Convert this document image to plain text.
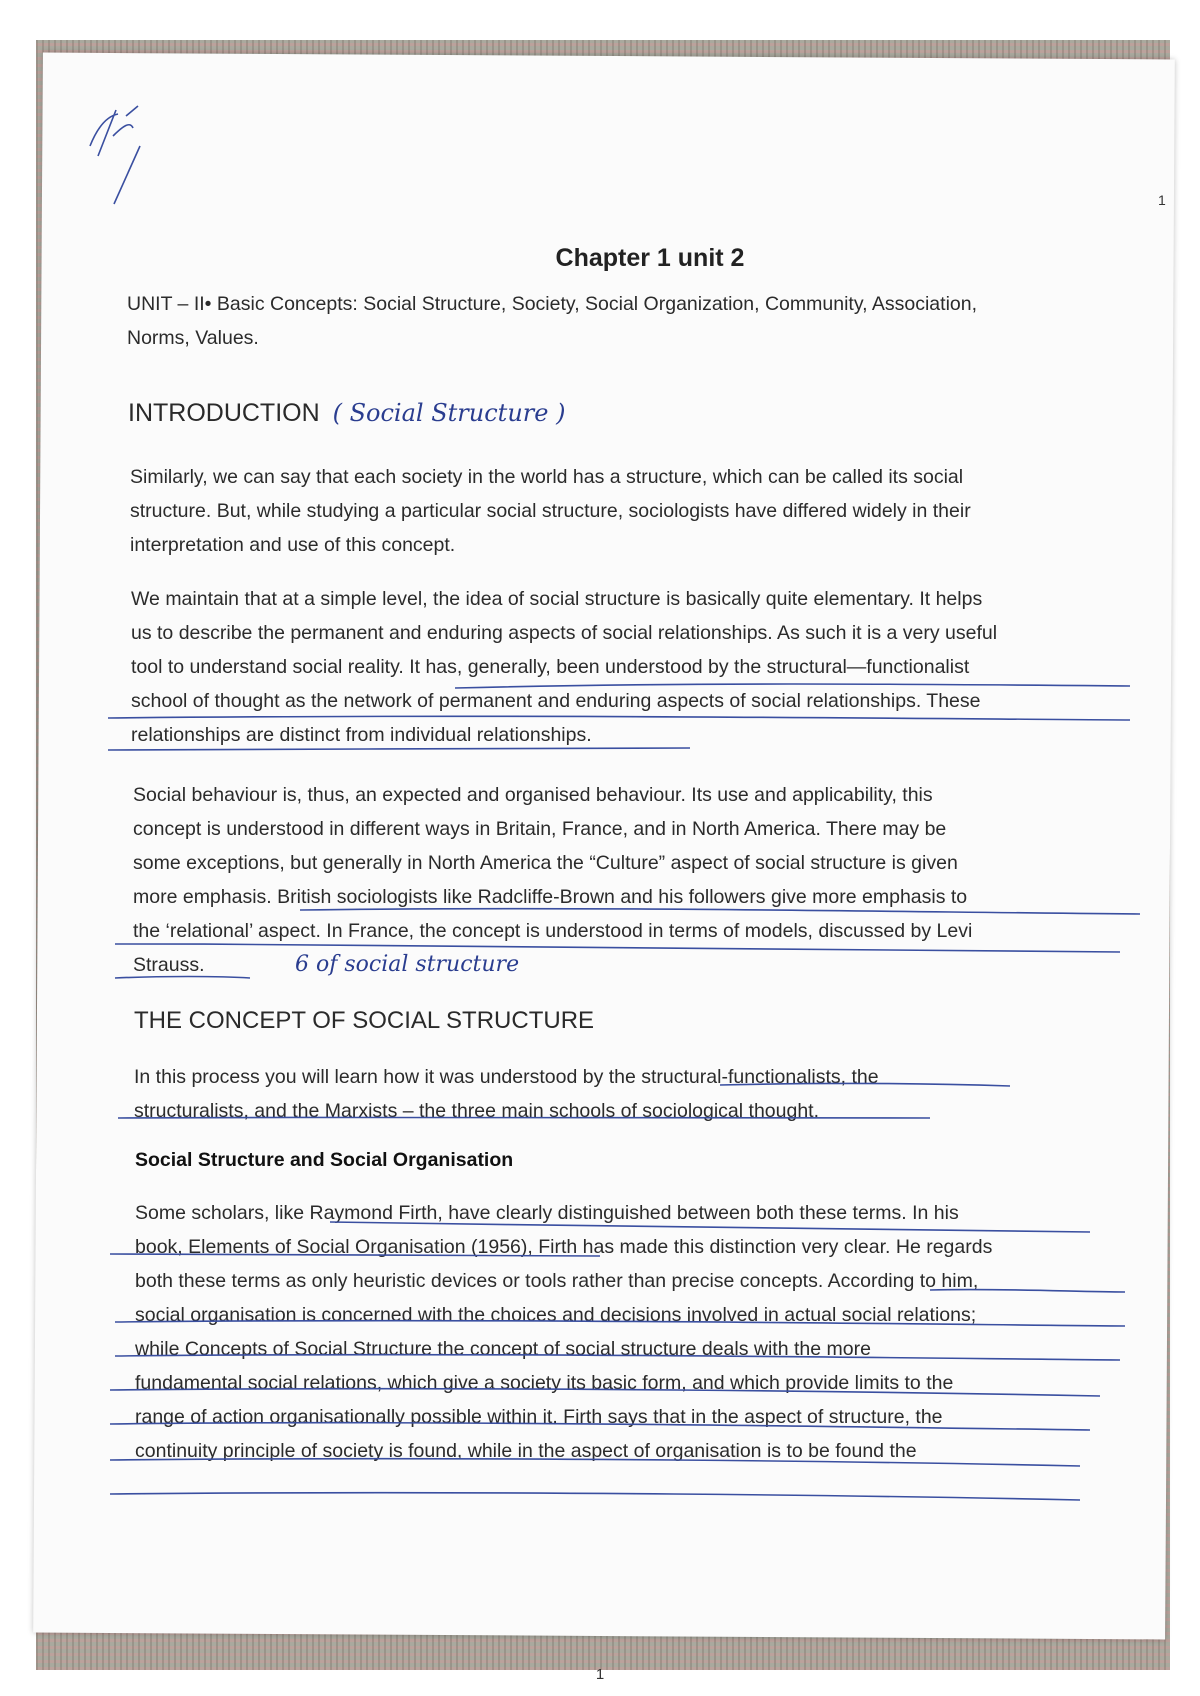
1
Chapter 1 unit 2
UNIT – II• Basic Concepts: Social Structure, Society, Social Organization, Community, Association,
Norms, Values.
INTRODUCTION ( Social Structure )
Similarly, we can say that each society in the world has a structure, which can be called its social
structure. But, while studying a particular social structure, sociologists have differed widely in their
interpretation and use of this concept.
We maintain that at a simple level, the idea of social structure is basically quite elementary. It helps
us to describe the permanent and enduring aspects of social relationships. As such it is a very useful
tool to understand social reality. It has, generally, been understood by the structural—functionalist
school of thought as the network of permanent and enduring aspects of social relationships. These
relationships are distinct from individual relationships.
Social behaviour is, thus, an expected and organised behaviour. Its use and applicability, this
concept is understood in different ways in Britain, France, and in North America. There may be
some exceptions, but generally in North America the “Culture” aspect of social structure is given
more emphasis. British sociologists like Radcliffe-Brown and his followers give more emphasis to
the ‘relational’ aspect. In France, the concept is understood in terms of models, discussed by Levi
Strauss.	6 of social structure
THE CONCEPT OF SOCIAL STRUCTURE
In this process you will learn how it was understood by the structural-functionalists, the
structuralists, and the Marxists – the three main schools of sociological thought.
Social Structure and Social Organisation
Some scholars, like Raymond Firth, have clearly distinguished between both these terms. In his
book, Elements of Social Organisation (1956), Firth has made this distinction very clear. He regards
both these terms as only heuristic devices or tools rather than precise concepts. According to him,
social organisation is concerned with the choices and decisions involved in actual social relations;
while Concepts of Social Structure the concept of social structure deals with the more
fundamental social relations, which give a society its basic form, and which provide limits to the
range of action organisationally possible within it. Firth says that in the aspect of structure, the
continuity principle of society is found, while in the aspect of organisation is to be found the
1
